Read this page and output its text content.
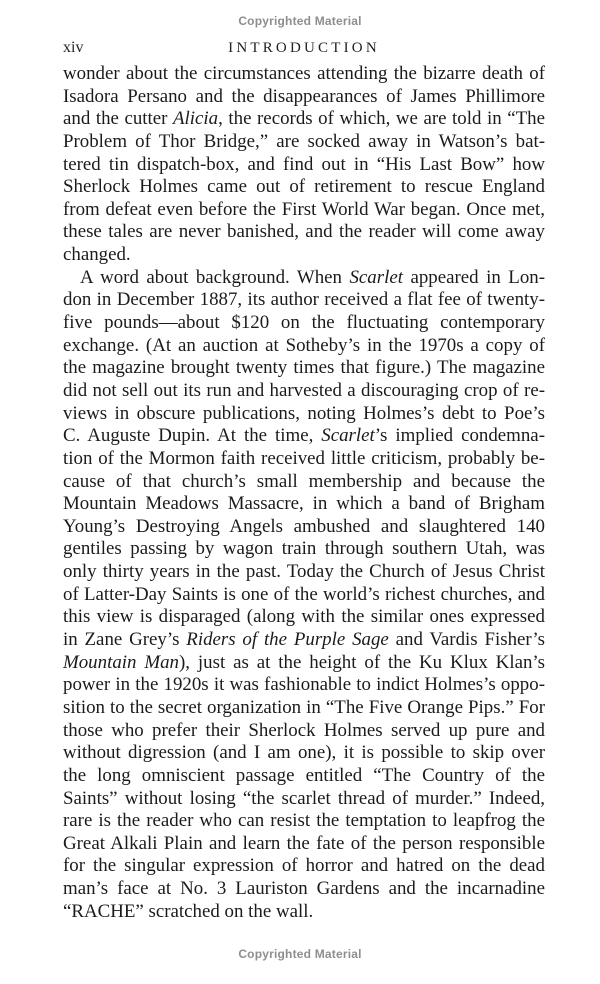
Copyrighted Material
xiv	INTRODUCTION
wonder about the circumstances attending the bizarre death of
Isadora Persano and the disappearances of James Phillimore
and the cutter Alicia, the records of which, we are told in “The
Problem of Thor Bridge,” are socked away in Watson’s bat-
tered tin dispatch-box, and find out in “His Last Bow” how
Sherlock Holmes came out of retirement to rescue England
from defeat even before the First World War began. Once met,
these tales are never banished, and the reader will come away
changed.
A word about background. When Scarlet appeared in Lon-
don in December 1887, its author received a flat fee of twenty-
five pounds—about $120 on the fluctuating contemporary
exchange. (At an auction at Sotheby’s in the 1970s a copy of
the magazine brought twenty times that figure.) The magazine
did not sell out its run and harvested a discouraging crop of re-
views in obscure publications, noting Holmes’s debt to Poe’s
C. Auguste Dupin. At the time, Scarlet’s implied condemna-
tion of the Mormon faith received little criticism, probably be-
cause of that church’s small membership and because the
Mountain Meadows Massacre, in which a band of Brigham
Young’s Destroying Angels ambushed and slaughtered 140
gentiles passing by wagon train through southern Utah, was
only thirty years in the past. Today the Church of Jesus Christ
of Latter-Day Saints is one of the world’s richest churches, and
this view is disparaged (along with the similar ones expressed
in Zane Grey’s Riders of the Purple Sage and Vardis Fisher’s
Mountain Man), just as at the height of the Ku Klux Klan’s
power in the 1920s it was fashionable to indict Holmes’s oppo-
sition to the secret organization in “The Five Orange Pips.” For
those who prefer their Sherlock Holmes served up pure and
without digression (and I am one), it is possible to skip over
the long omniscient passage entitled “The Country of the
Saints” without losing “the scarlet thread of murder.” Indeed,
rare is the reader who can resist the temptation to leapfrog the
Great Alkali Plain and learn the fate of the person responsible
for the singular expression of horror and hatred on the dead
man’s face at No. 3 Lauriston Gardens and the incarnadine
“RACHE” scratched on the wall.
Copyrighted Material
